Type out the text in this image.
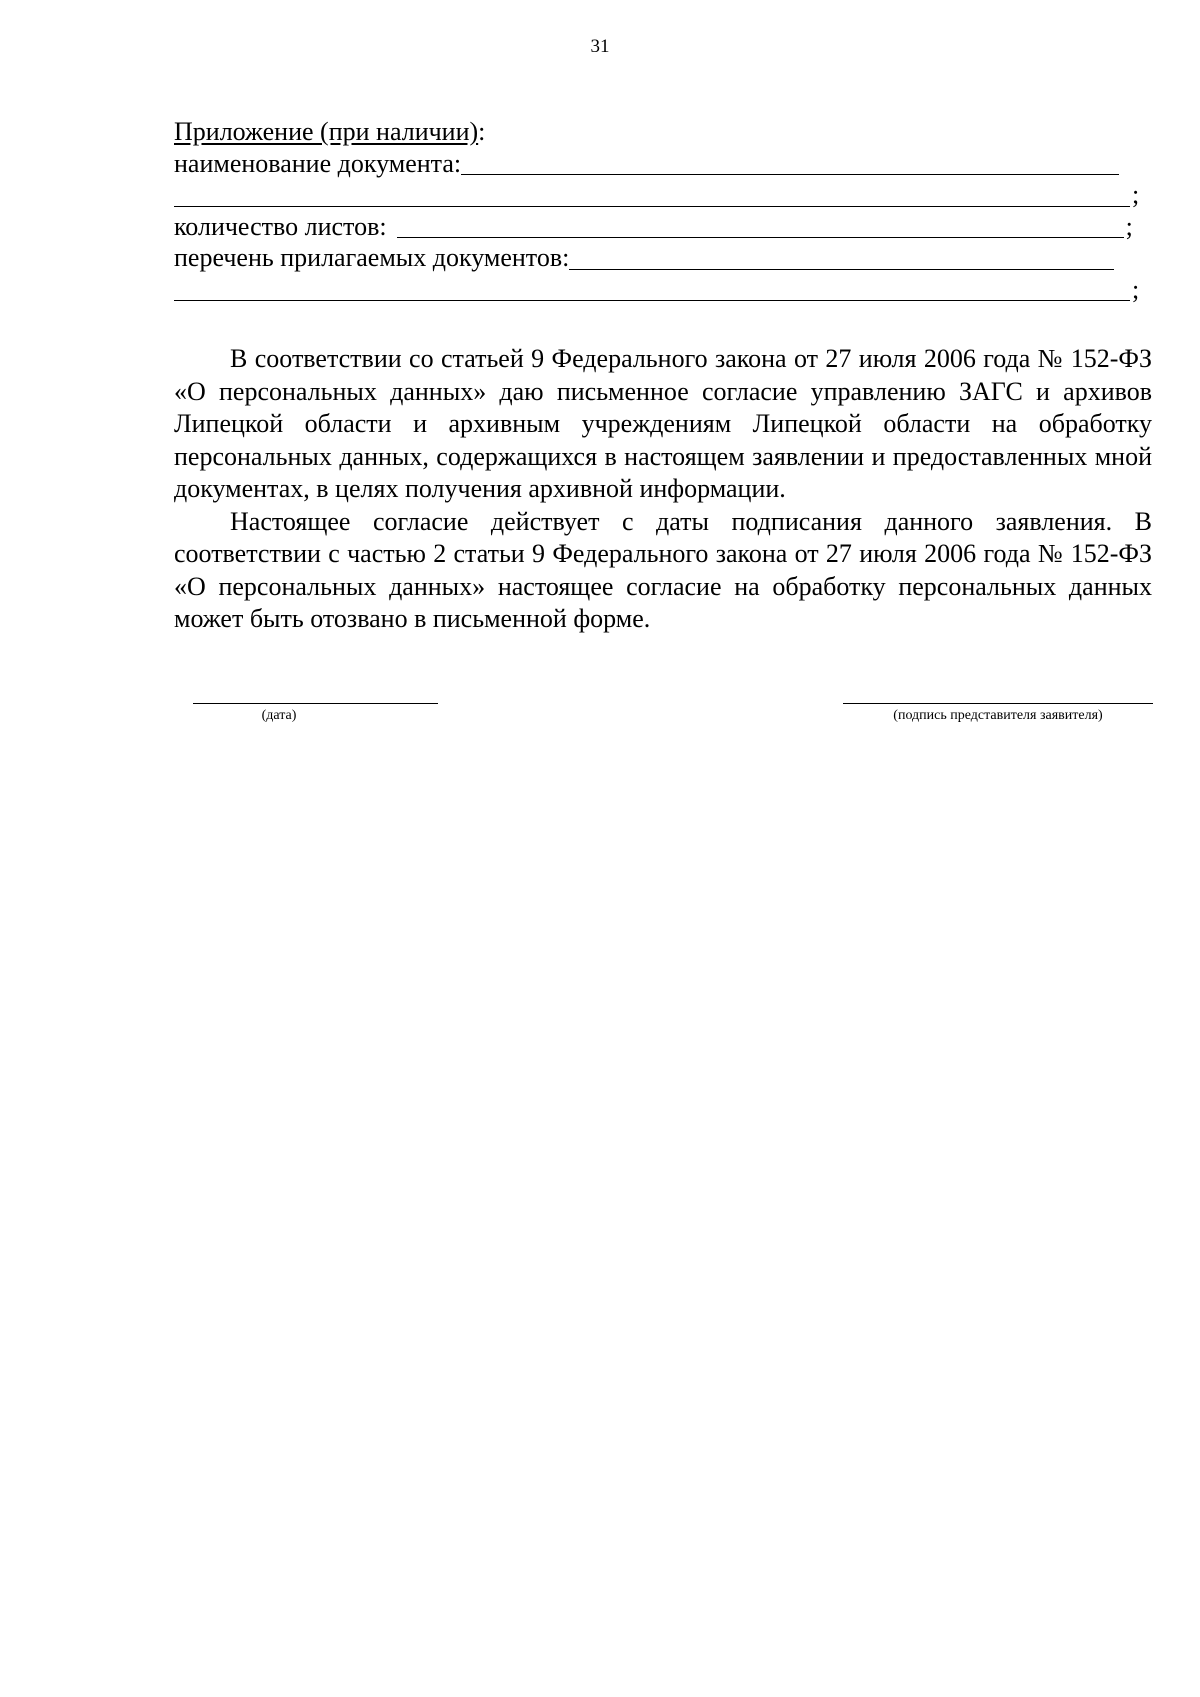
31
Приложение (при наличии) :
наименование документа:
;
количество листов:	;
перечень прилагаемых документов:
;

В соответствии со статьей 9 Федерального закона от 27 июля 2006 года № 152-ФЗ «О персональных данных» даю письменное согласие управлению ЗАГС и архивов Липецкой области и архивным учреждениям Липецкой области на обработку персональных данных, содержащихся в настоящем заявлении и предоставленных мной документах, в целях получения архивной информации.

Настоящее согласие действует с даты подписания данного заявления. В соответствии с частью 2 статьи 9 Федерального закона от 27 июля 2006 года № 152-ФЗ «О персональных данных» настоящее согласие на обработку персональных данных может быть отозвано в письменной форме.

(дата)	(подпись представителя заявителя)
